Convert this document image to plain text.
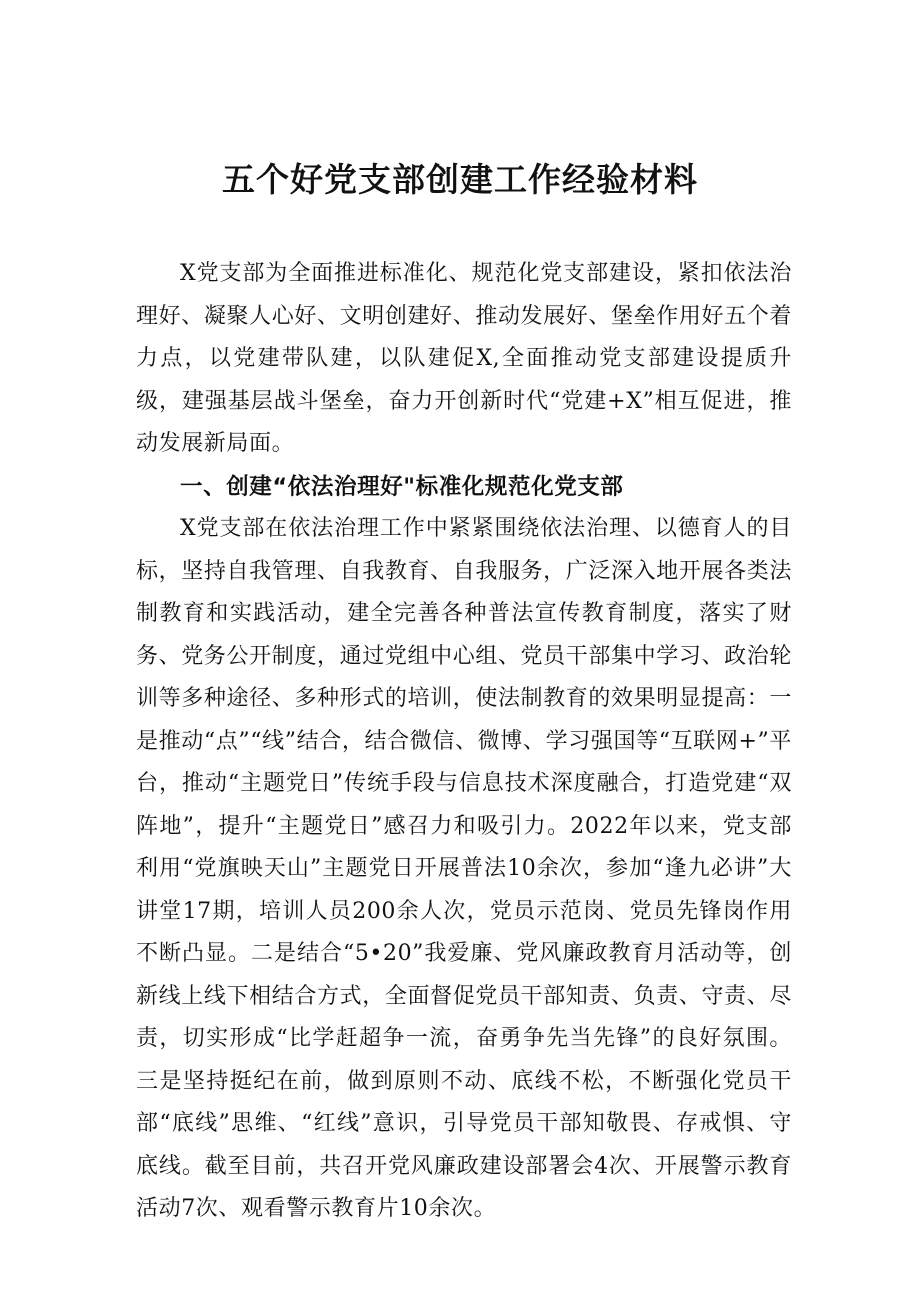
五个好党支部创建工作经验材料

X党支部为全面推进标准化、规范化党支部建设，紧扣依法治理好、凝聚人心好、文明创建好、推动发展好、堡垒作用好五个着力点，以党建带队建，以队建促X,全面推动党支部建设提质升级，建强基层战斗堡垒，奋力开创新时代“党建+X”相互促进，推动发展新局面。

一、创建“依法治理好"标准化规范化党支部

X党支部在依法治理工作中紧紧围绕依法治理、以德育人的目标，坚持自我管理、自我教育、自我服务，广泛深入地开展各类法制教育和实践活动，建全完善各种普法宣传教育制度，落实了财务、党务公开制度，通过党组中心组、党员干部集中学习、政治轮训等多种途径、多种形式的培训，使法制教育的效果明显提高：一是推动“点”“线”结合，结合微信、微博、学习强国等“互联网+”平台，推动“主题党日”传统手段与信息技术深度融合，打造党建“双阵地”，提升“主题党日”感召力和吸引力。2022年以来，党支部利用“党旗映天山”主题党日开展普法10余次，参加“逢九必讲”大讲堂17期，培训人员200余人次，党员示范岗、党员先锋岗作用不断凸显。二是结合“5•20”我爱廉、党风廉政教育月活动等，创新线上线下相结合方式，全面督促党员干部知责、负责、守责、尽责，切实形成“比学赶超争一流，奋勇争先当先锋”的良好氛围。三是坚持挺纪在前，做到原则不动、底线不松，不断强化党员干部“底线”思维、“红线”意识，引导党员干部知敬畏、存戒惧、守底线。截至目前，共召开党风廉政建设部署会4次、开展警示教育活动7次、观看警示教育片10余次。
